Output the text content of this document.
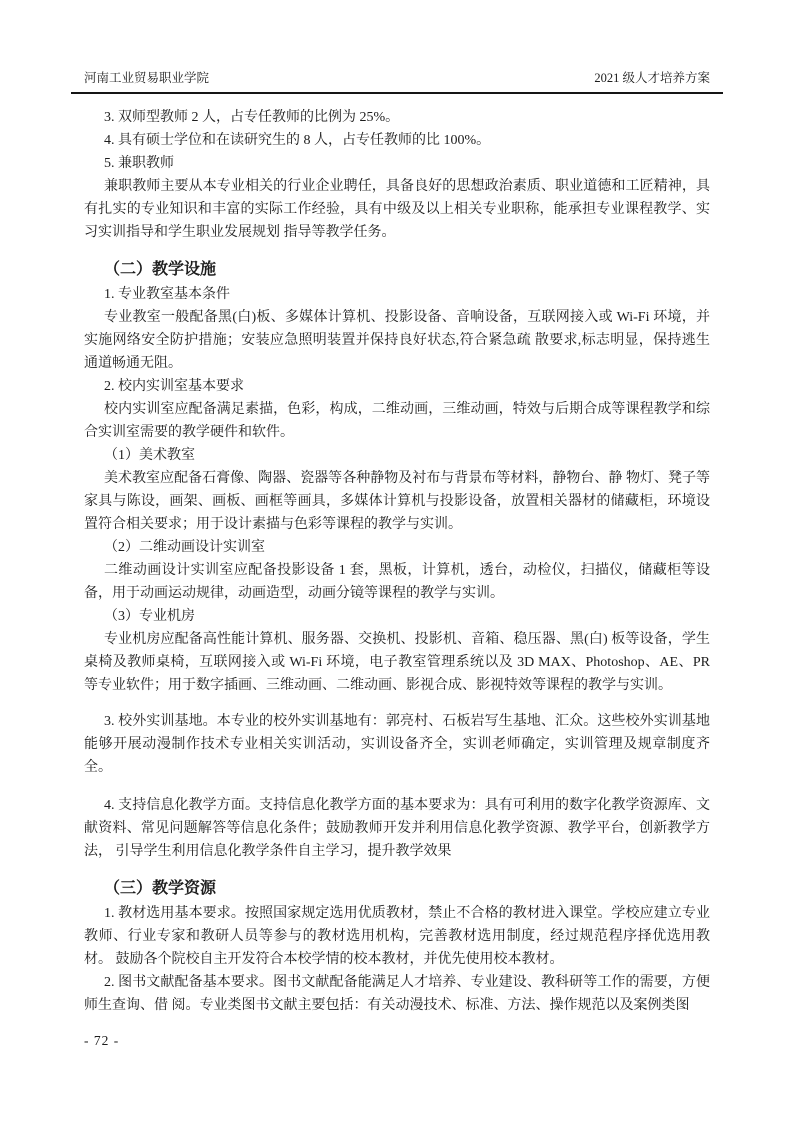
河南工业贸易职业学院	2021 级人才培养方案

3. 双师型教师 2 人，占专任教师的比例为 25%。

4. 具有硕士学位和在读研究生的 8 人，占专任教师的比 100%。

5. 兼职教师

兼职教师主要从本专业相关的行业企业聘任，具备良好的思想政治素质、职业道德和工匠精神，具有扎实的专业知识和丰富的实际工作经验，具有中级及以上相关专业职称，能承担专业课程教学、实习实训指导和学生职业发展规划 指导等教学任务。

（二）教学设施

1. 专业教室基本条件

专业教室一般配备黑(白)板、多媒体计算机、投影设备、音响设备，互联网接入或 Wi-Fi 环境，并实施网络安全防护措施；安装应急照明装置并保持良好状态,符合紧急疏 散要求,标志明显，保持逃生通道畅通无阻。

2. 校内实训室基本要求

校内实训室应配备满足素描，色彩，构成，二维动画，三维动画，特效与后期合成等课程教学和综合实训室需要的教学硬件和软件。

（1）美术教室

美术教室应配备石膏像、陶器、瓷器等各种静物及衬布与背景布等材料，静物台、静 物灯、凳子等家具与陈设，画架、画板、画框等画具，多媒体计算机与投影设备，放置相关器材的储藏柜，环境设置符合相关要求；用于设计素描与色彩等课程的教学与实训。

（2）二维动画设计实训室

二维动画设计实训室应配备投影设备 1 套，黑板，计算机，透台，动检仪，扫描仪，储藏柜等设备，用于动画运动规律，动画造型，动画分镜等课程的教学与实训。

（3）专业机房

专业机房应配备高性能计算机、服务器、交换机、投影机、音箱、稳压器、黑(白) 板等设备，学生桌椅及教师桌椅，互联网接入或 Wi-Fi 环境，电子教室管理系统以及 3D MAX、Photoshop、AE、PR 等专业软件；用于数字插画、三维动画、二维动画、影视合成、影视特效等课程的教学与实训。

3. 校外实训基地。本专业的校外实训基地有：郭亮村、石板岩写生基地、汇众。这些校外实训基地能够开展动漫制作技术专业相关实训活动，实训设备齐全，实训老师确定，实训管理及规章制度齐全。

4. 支持信息化教学方面。支持信息化教学方面的基本要求为：具有可利用的数字化教学资源库、文献资料、常见问题解答等信息化条件；鼓励教师开发并利用信息化教学资源、教学平台，创新教学方法， 引导学生利用信息化教学条件自主学习，提升教学效果

（三）教学资源

1. 教材选用基本要求。按照国家规定选用优质教材，禁止不合格的教材进入课堂。学校应建立专业教师、行业专家和教研人员等参与的教材选用机构，完善教材选用制度，经过规范程序择优选用教材。 鼓励各个院校自主开发符合本校学情的校本教材，并优先使用校本教材。

2. 图书文献配备基本要求。图书文献配备能满足人才培养、专业建设、教科研等工作的需要，方便师生查询、借 阅。专业类图书文献主要包括：有关动漫技术、标准、方法、操作规范以及案例类图

- 72 -
